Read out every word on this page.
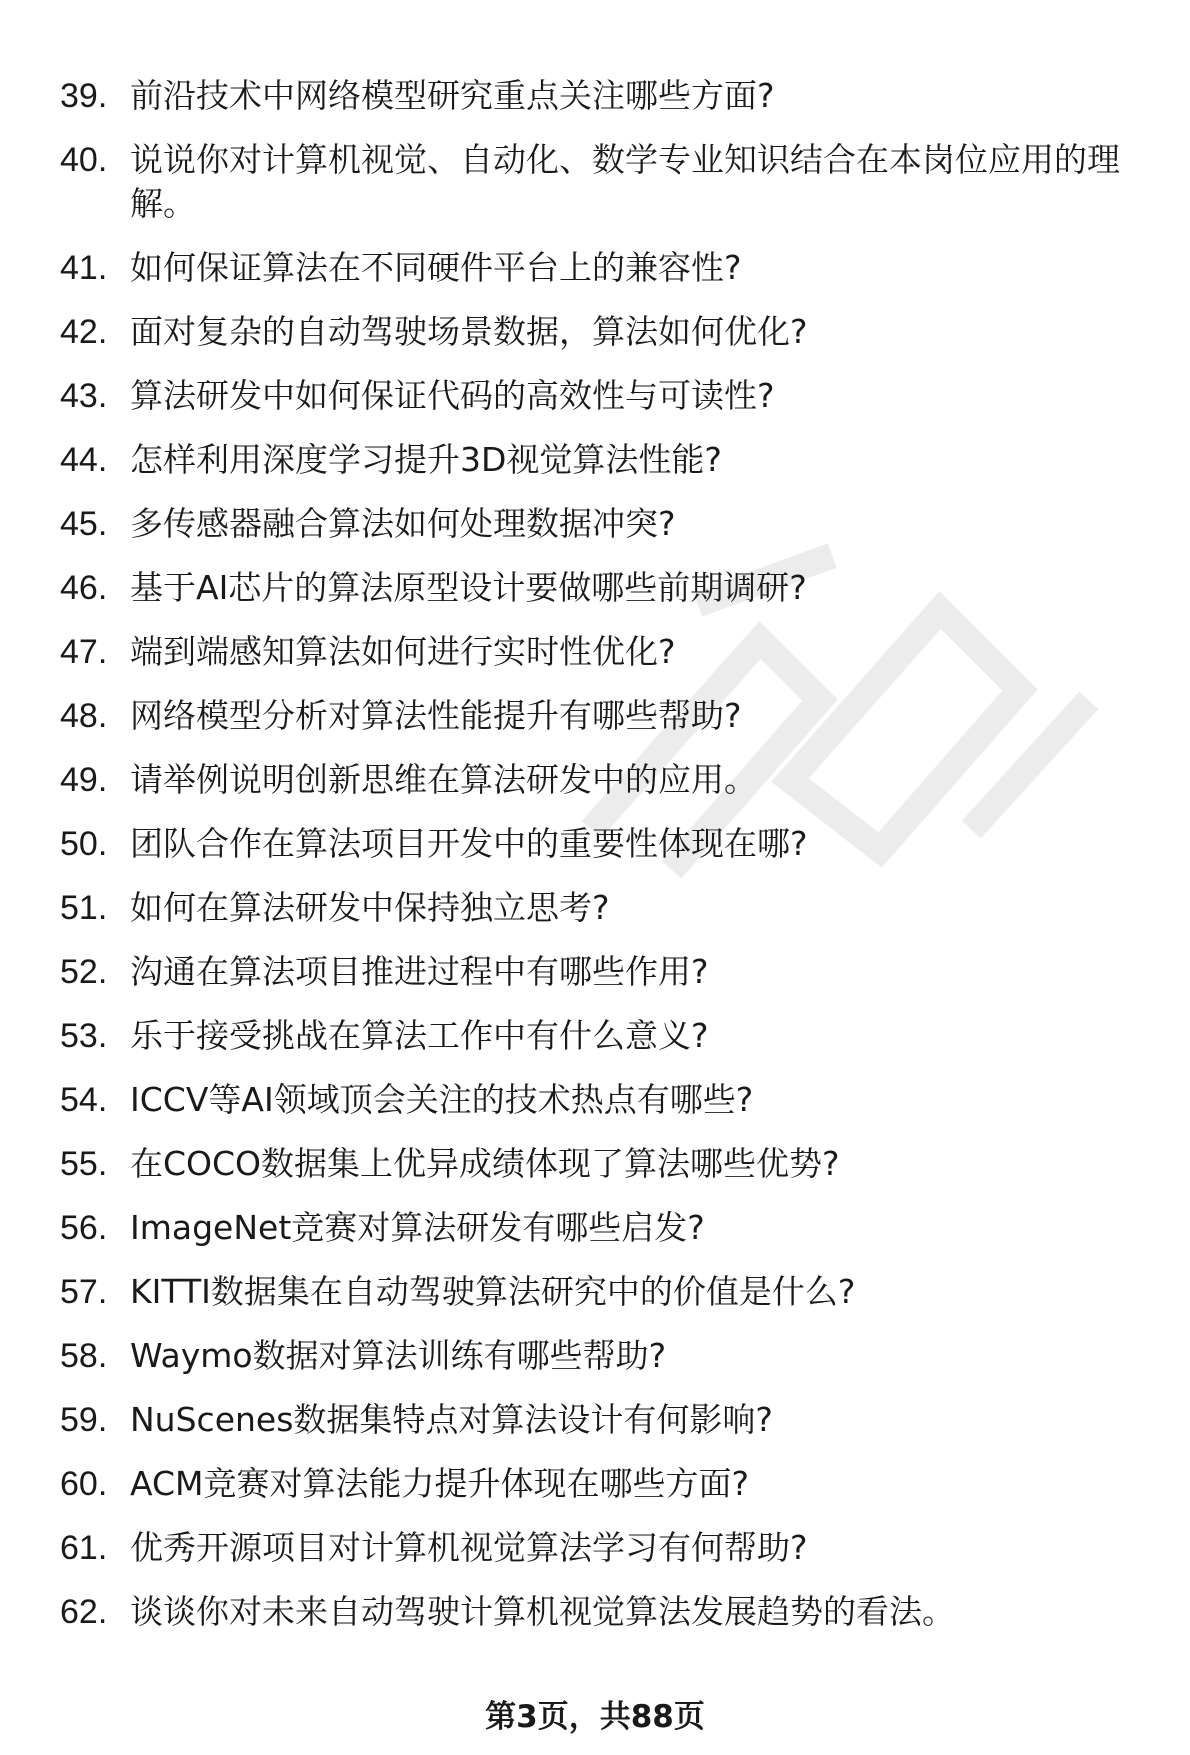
39. 前沿技术中网络模型研究重点关注哪些方面?
40. 说说你对计算机视觉、自动化、数学专业知识结合在本岗位应用的理解。
41. 如何保证算法在不同硬件平台上的兼容性?
42. 面对复杂的自动驾驶场景数据，算法如何优化?
43. 算法研发中如何保证代码的高效性与可读性?
44. 怎样利用深度学习提升3D视觉算法性能?
45. 多传感器融合算法如何处理数据冲突?
46. 基于AI芯片的算法原型设计要做哪些前期调研?
47. 端到端感知算法如何进行实时性优化?
48. 网络模型分析对算法性能提升有哪些帮助?
49. 请举例说明创新思维在算法研发中的应用。
50. 团队合作在算法项目开发中的重要性体现在哪?
51. 如何在算法研发中保持独立思考?
52. 沟通在算法项目推进过程中有哪些作用?
53. 乐于接受挑战在算法工作中有什么意义?
54. ICCV等AI领域顶会关注的技术热点有哪些?
55. 在COCO数据集上优异成绩体现了算法哪些优势?
56. ImageNet竞赛对算法研发有哪些启发?
57. KITTI数据集在自动驾驶算法研究中的价值是什么?
58. Waymo数据对算法训练有哪些帮助?
59. NuScenes数据集特点对算法设计有何影响?
60. ACM竞赛对算法能力提升体现在哪些方面?
61. 优秀开源项目对计算机视觉算法学习有何帮助?
62. 谈谈你对未来自动驾驶计算机视觉算法发展趋势的看法。
第3页，共88页
